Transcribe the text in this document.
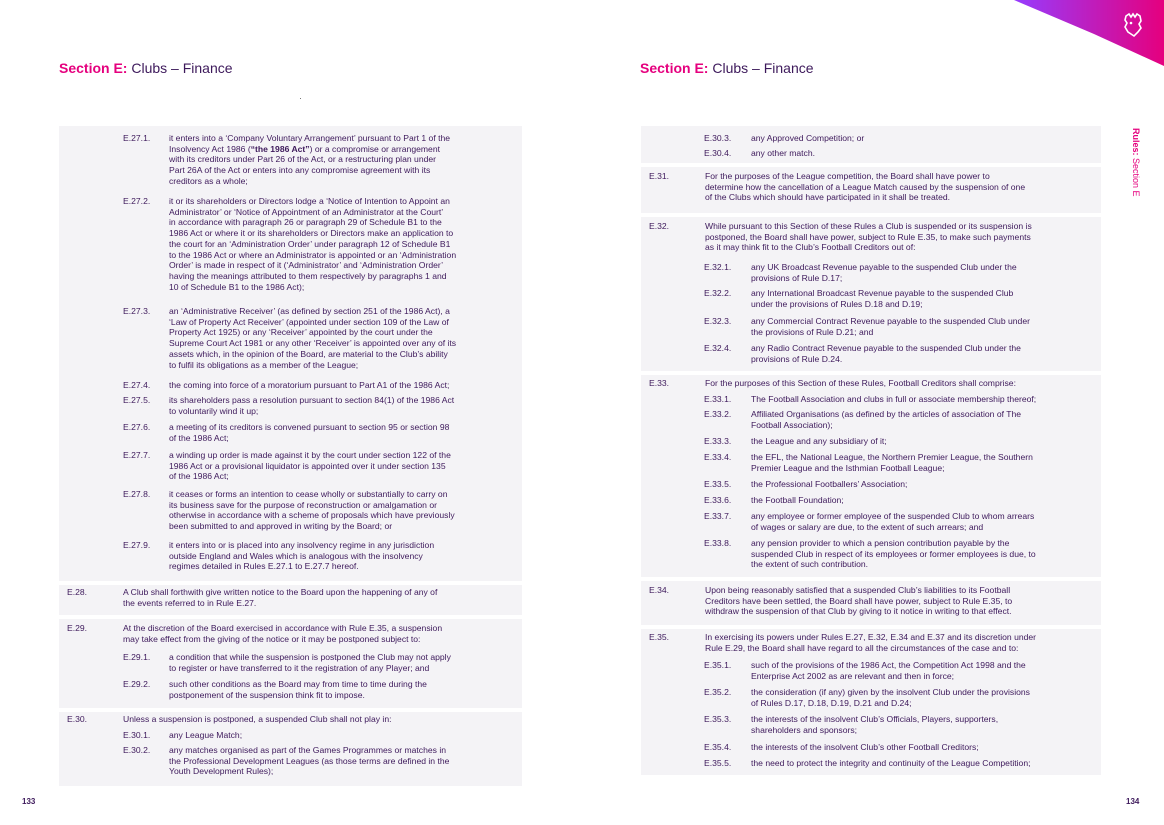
Section E: Clubs – Finance	Section E: Clubs – Finance
Rules: Section E
E.27.1. it enters into a ‘Company Voluntary Arrangement’ pursuant to Part 1 of the
Insolvency Act 1986 (“the 1986 Act”) or a compromise or arrangement
with its creditors under Part 26 of the Act, or a restructuring plan under
Part 26A of the Act or enters into any compromise agreement with its
creditors as a whole;
E.27.2. it or its shareholders or Directors lodge a ‘Notice of Intention to Appoint an
Administrator’ or ‘Notice of Appointment of an Administrator at the Court’
in accordance with paragraph 26 or paragraph 29 of Schedule B1 to the
1986 Act or where it or its shareholders or Directors make an application to
the court for an ‘Administration Order’ under paragraph 12 of Schedule B1
to the 1986 Act or where an Administrator is appointed or an ‘Administration
Order’ is made in respect of it (‘Administrator’ and ‘Administration Order’
having the meanings attributed to them respectively by paragraphs 1 and
10 of Schedule B1 to the 1986 Act);
E.27.3. an ‘Administrative Receiver’ (as defined by section 251 of the 1986 Act), a
‘Law of Property Act Receiver’ (appointed under section 109 of the Law of
Property Act 1925) or any ‘Receiver’ appointed by the court under the
Supreme Court Act 1981 or any other ‘Receiver’ is appointed over any of its
assets which, in the opinion of the Board, are material to the Club’s ability
to fulfil its obligations as a member of the League;
E.27.4. the coming into force of a moratorium pursuant to Part A1 of the 1986 Act;
E.27.5. its shareholders pass a resolution pursuant to section 84(1) of the 1986 Act
to voluntarily wind it up;
E.27.6. a meeting of its creditors is convened pursuant to section 95 or section 98
of the 1986 Act;
E.27.7. a winding up order is made against it by the court under section 122 of the
1986 Act or a provisional liquidator is appointed over it under section 135
of the 1986 Act;
E.27.8. it ceases or forms an intention to cease wholly or substantially to carry on
its business save for the purpose of reconstruction or amalgamation or
otherwise in accordance with a scheme of proposals which have previously
been submitted to and approved in writing by the Board; or
E.27.9. it enters into or is placed into any insolvency regime in any jurisdiction
outside England and Wales which is analogous with the insolvency
regimes detailed in Rules E.27.1 to E.27.7 hereof.
E.28.	A Club shall forthwith give written notice to the Board upon the happening of any of
the events referred to in Rule E.27.
E.29.	At the discretion of the Board exercised in accordance with Rule E.35, a suspension
may take effect from the giving of the notice or it may be postponed subject to:
E.29.1. a condition that while the suspension is postponed the Club may not apply
to register or have transferred to it the registration of any Player; and
E.29.2. such other conditions as the Board may from time to time during the
postponement of the suspension think fit to impose.
E.30.	Unless a suspension is postponed, a suspended Club shall not play in:
E.30.1. any League Match;
E.30.2. any matches organised as part of the Games Programmes or matches in
the Professional Development Leagues (as those terms are defined in the
Youth Development Rules);
E.30.3. any Approved Competition; or
E.30.4. any other match.
E.31.	For the purposes of the League competition, the Board shall have power to
determine how the cancellation of a League Match caused by the suspension of one
of the Clubs which should have participated in it shall be treated.
E.32.	While pursuant to this Section of these Rules a Club is suspended or its suspension is
postponed, the Board shall have power, subject to Rule E.35, to make such payments
as it may think fit to the Club’s Football Creditors out of:
E.32.1. any UK Broadcast Revenue payable to the suspended Club under the
provisions of Rule D.17;
E.32.2. any International Broadcast Revenue payable to the suspended Club
under the provisions of Rules D.18 and D.19;
E.32.3. any Commercial Contract Revenue payable to the suspended Club under
the provisions of Rule D.21; and
E.32.4. any Radio Contract Revenue payable to the suspended Club under the
provisions of Rule D.24.
E.33.	For the purposes of this Section of these Rules, Football Creditors shall comprise:
E.33.1. The Football Association and clubs in full or associate membership thereof;
E.33.2. Affiliated Organisations (as defined by the articles of association of The
Football Association);
E.33.3. the League and any subsidiary of it;
E.33.4. the EFL, the National League, the Northern Premier League, the Southern
Premier League and the Isthmian Football League;
E.33.5. the Professional Footballers’ Association;
E.33.6. the Football Foundation;
E.33.7. any employee or former employee of the suspended Club to whom arrears
of wages or salary are due, to the extent of such arrears; and
E.33.8. any pension provider to which a pension contribution payable by the
suspended Club in respect of its employees or former employees is due, to
the extent of such contribution.
E.34.	Upon being reasonably satisfied that a suspended Club’s liabilities to its Football
Creditors have been settled, the Board shall have power, subject to Rule E.35, to
withdraw the suspension of that Club by giving to it notice in writing to that effect.
E.35.	In exercising its powers under Rules E.27, E.32, E.34 and E.37 and its discretion under
Rule E.29, the Board shall have regard to all the circumstances of the case and to:
E.35.1. such of the provisions of the 1986 Act, the Competition Act 1998 and the
Enterprise Act 2002 as are relevant and then in force;
E.35.2. the consideration (if any) given by the insolvent Club under the provisions
of Rules D.17, D.18, D.19, D.21 and D.24;
E.35.3. the interests of the insolvent Club’s Officials, Players, supporters,
shareholders and sponsors;
E.35.4. the interests of the insolvent Club’s other Football Creditors;
E.35.5. the need to protect the integrity and continuity of the League Competition;
133	134
